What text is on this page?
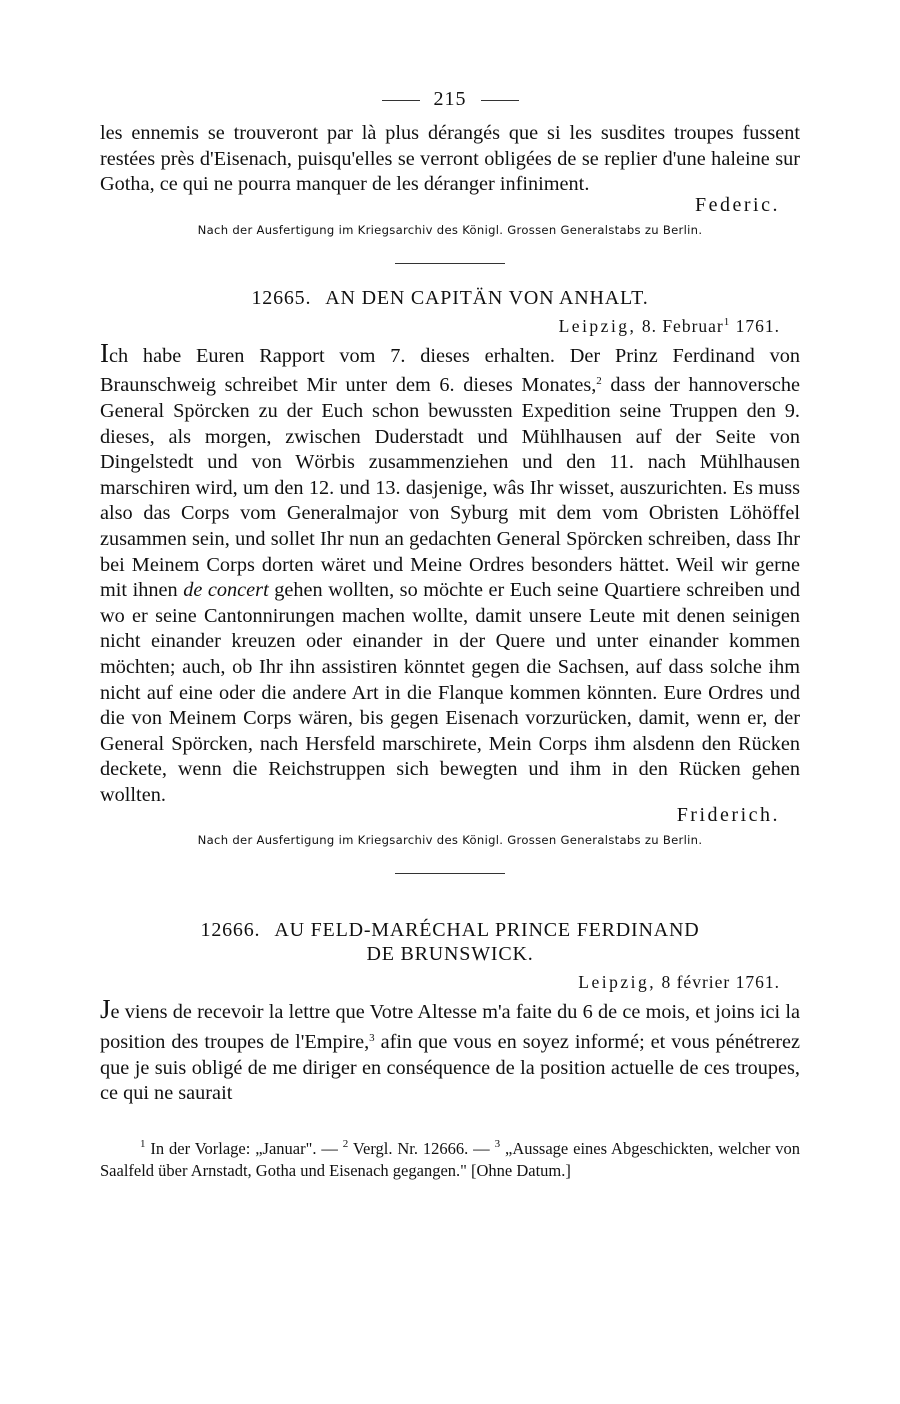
215

les ennemis se trouveront par là plus dérangés que si les susdites troupes fussent restées près d'Eisenach, puisqu'elles se verront obligées de se replier d'une haleine sur Gotha, ce qui ne pourra manquer de les déranger infiniment.

Federic.
Nach der Ausfertigung im Kriegsarchiv des Königl. Grossen Generalstabs zu Berlin.
12665. AN DEN CAPITÄN VON ANHALT.
Leipzig, 8. Februar$^1$ 1761.

Ich habe Euren Rapport vom 7. dieses erhalten. Der Prinz Ferdinand von Braunschweig schreibet Mir unter dem 6. dieses Monates,$^2$ dass der hannoversche General Spörcken zu der Euch schon bewussten Expedition seine Truppen den 9. dieses, als morgen, zwischen Duderstadt und Mühlhausen auf der Seite von Dingelstedt und von Wörbis zusammenziehen und den 11. nach Mühlhausen marschiren wird, um den 12. und 13. dasjenige, wâs Ihr wisset, auszurichten. Es muss also das Corps vom Generalmajor von Syburg mit dem vom Obristen Löhöffel zusammen sein, und sollet Ihr nun an gedachten General Spörcken schreiben, dass Ihr bei Meinem Corps dorten wäret und Meine Ordres besonders hättet. Weil wir gerne mit ihnen de concert gehen wollten, so möchte er Euch seine Quartiere schreiben und wo er seine Cantonnirungen machen wollte, damit unsere Leute mit denen seinigen nicht einander kreuzen oder einander in der Quere und unter einander kommen möchten; auch, ob Ihr ihn assistiren könntet gegen die Sachsen, auf dass solche ihm nicht auf eine oder die andere Art in die Flanque kommen könnten. Eure Ordres und die von Meinem Corps wären, bis gegen Eisenach vorzurücken, damit, wenn er, der General Spörcken, nach Hersfeld marschirete, Mein Corps ihm alsdenn den Rücken deckete, wenn die Reichstruppen sich bewegten und ihm in den Rücken gehen wollten.

Friderich.
Nach der Ausfertigung im Kriegsarchiv des Königl. Grossen Generalstabs zu Berlin.
12666. AU FELD-MARÉCHAL PRINCE FERDINAND
DE BRUNSWICK.
Leipzig, 8 février 1761.

Je viens de recevoir la lettre que Votre Altesse m'a faite du 6 de ce mois, et joins ici la position des troupes de l'Empire,$^3$ afin que vous en soyez informé; et vous pénétrerez que je suis obligé de me diriger en conséquence de la position actuelle de ces troupes, ce qui ne saurait

$^1$ In der Vorlage: „Januar". — $^2$ Vergl. Nr. 12666. — $^3$ „Aussage eines Abgeschickten, welcher von Saalfeld über Arnstadt, Gotha und Eisenach gegangen." [Ohne Datum.]
